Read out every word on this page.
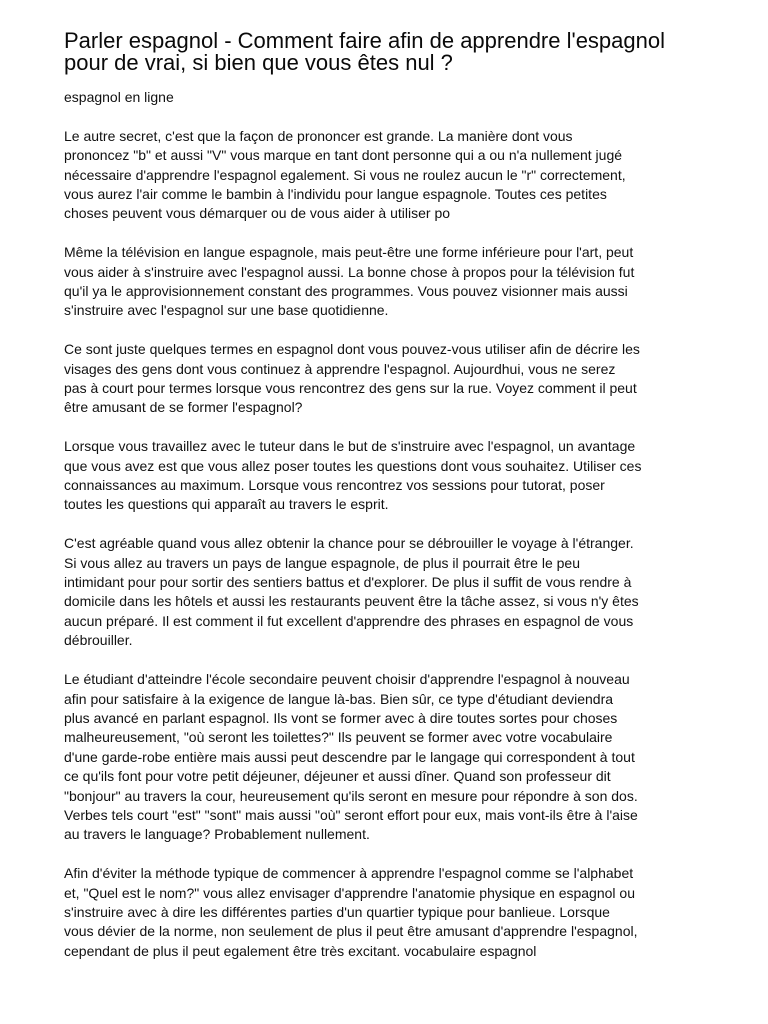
Parler espagnol - Comment faire afin de apprendre l'espagnol
pour de vrai, si bien que vous êtes nul ?

espagnol en ligne

Le autre secret, c'est que la façon de prononcer est grande. La manière dont vous
prononcez "b" et aussi "V" vous marque en tant dont personne qui a ou n'a nullement jugé
nécessaire d'apprendre l'espagnol egalement. Si vous ne roulez aucun le "r" correctement,
vous aurez l'air comme le bambin à l'individu pour langue espagnole. Toutes ces petites
choses peuvent vous démarquer ou de vous aider à utiliser po

Même la télévision en langue espagnole, mais peut-être une forme inférieure pour l'art, peut
vous aider à s'instruire avec l'espagnol aussi. La bonne chose à propos pour la télévision fut
qu'il ya le approvisionnement constant des programmes. Vous pouvez visionner mais aussi
s'instruire avec l'espagnol sur une base quotidienne.

Ce sont juste quelques termes en espagnol dont vous pouvez-vous utiliser afin de décrire les
visages des gens dont vous continuez à apprendre l'espagnol. Aujourdhui, vous ne serez
pas à court pour termes lorsque vous rencontrez des gens sur la rue. Voyez comment il peut
être amusant de se former l'espagnol?

Lorsque vous travaillez avec le tuteur dans le but de s'instruire avec l'espagnol, un avantage
que vous avez est que vous allez poser toutes les questions dont vous souhaitez. Utiliser ces
connaissances au maximum. Lorsque vous rencontrez vos sessions pour tutorat, poser
toutes les questions qui apparaît au travers le esprit.

C'est agréable quand vous allez obtenir la chance pour se débrouiller le voyage à l'étranger.
Si vous allez au travers un pays de langue espagnole, de plus il pourrait être le peu
intimidant pour pour sortir des sentiers battus et d'explorer. De plus il suffit de vous rendre à
domicile dans les hôtels et aussi les restaurants peuvent être la tâche assez, si vous n'y êtes
aucun préparé. Il est comment il fut excellent d'apprendre des phrases en espagnol de vous
débrouiller.

Le étudiant d'atteindre l'école secondaire peuvent choisir d'apprendre l'espagnol à nouveau
afin pour satisfaire à la exigence de langue là-bas. Bien sûr, ce type d'étudiant deviendra
plus avancé en parlant espagnol. Ils vont se former avec à dire toutes sortes pour choses
malheureusement, "où seront les toilettes?" Ils peuvent se former avec votre vocabulaire
d'une garde-robe entière mais aussi peut descendre par le langage qui correspondent à tout
ce qu'ils font pour votre petit déjeuner, déjeuner et aussi dîner. Quand son professeur dit
"bonjour" au travers la cour, heureusement qu'ils seront en mesure pour répondre à son dos.
Verbes tels court "est" "sont" mais aussi "où" seront effort pour eux, mais vont-ils être à l'aise
au travers le language? Probablement nullement.

Afin d'éviter la méthode typique de commencer à apprendre l'espagnol comme se l'alphabet
et, "Quel est le nom?" vous allez envisager d'apprendre l'anatomie physique en espagnol ou
s'instruire avec à dire les différentes parties d'un quartier typique pour banlieue. Lorsque
vous dévier de la norme, non seulement de plus il peut être amusant d'apprendre l'espagnol,
cependant de plus il peut egalement être très excitant. vocabulaire espagnol
